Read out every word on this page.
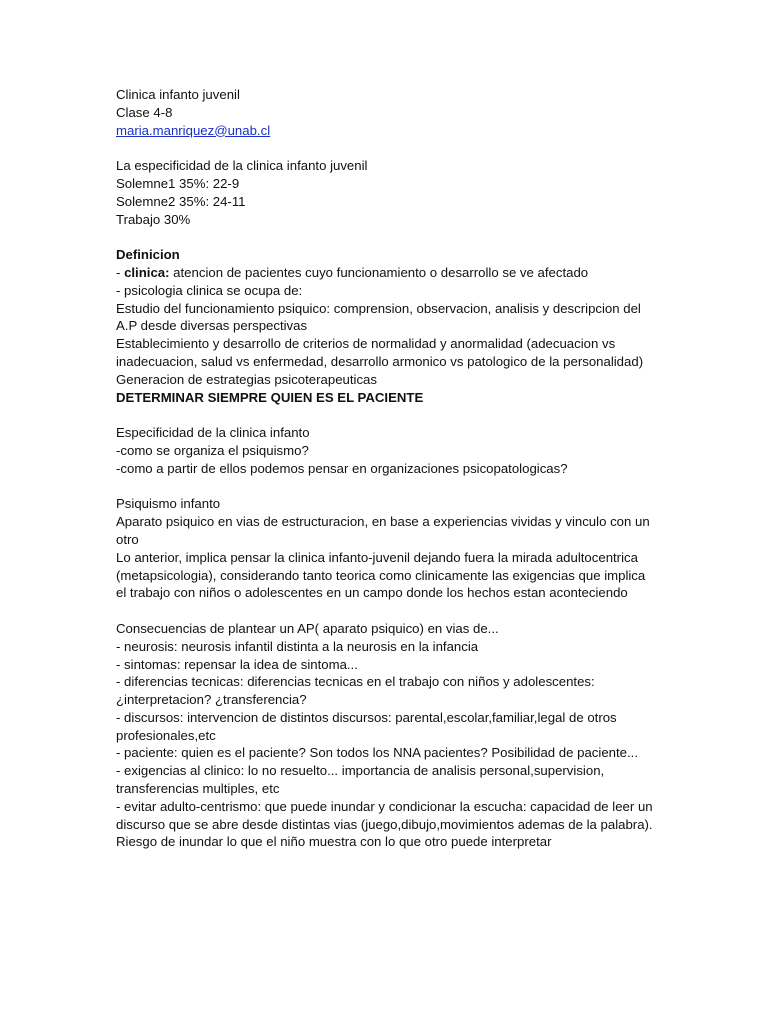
Clinica infanto juvenil
Clase 4-8
maria.manriquez@unab.cl
La especificidad de la clinica infanto juvenil
Solemne1 35%: 22-9
Solemne2 35%: 24-11
Trabajo 30%
Definicion
- clinica: atencion de pacientes cuyo funcionamiento o desarrollo se ve afectado
- psicologia clinica se ocupa de:
Estudio del funcionamiento psiquico: comprension, observacion, analisis y descripcion del A.P desde diversas perspectivas
Establecimiento y desarrollo de criterios de normalidad y anormalidad (adecuacion vs inadecuacion, salud vs enfermedad, desarrollo armonico vs patologico de la personalidad)
Generacion de estrategias psicoterapeuticas
DETERMINAR SIEMPRE QUIEN ES EL PACIENTE
Especificidad de la clinica infanto
-como se organiza el psiquismo?
-como a partir de ellos podemos pensar en organizaciones psicopatologicas?
Psiquismo infanto
Aparato psiquico en vias de estructuracion, en base a experiencias vividas y vinculo con un otro
Lo anterior, implica pensar la clinica infanto-juvenil dejando fuera la mirada adultocentrica (metapsicologia), considerando tanto teorica como clinicamente las exigencias que implica el trabajo con niños o adolescentes en un campo donde los hechos estan aconteciendo
Consecuencias de plantear un AP( aparato psiquico) en vias de...
- neurosis: neurosis infantil distinta a la neurosis en la infancia
- sintomas: repensar la idea de sintoma...
- diferencias tecnicas: diferencias tecnicas en el trabajo con niños y adolescentes: ¿interpretacion? ¿transferencia?
- discursos: intervencion de distintos discursos: parental,escolar,familiar,legal de otros profesionales,etc
- paciente: quien es el paciente? Son todos los NNA pacientes? Posibilidad de paciente...
- exigencias al clinico: lo no resuelto... importancia de analisis personal,supervision, transferencias multiples, etc
- evitar adulto-centrismo: que puede inundar y condicionar la escucha: capacidad de leer un discurso que se abre desde distintas vias (juego,dibujo,movimientos ademas de la palabra). Riesgo de inundar lo que el niño muestra con lo que otro puede interpretar
